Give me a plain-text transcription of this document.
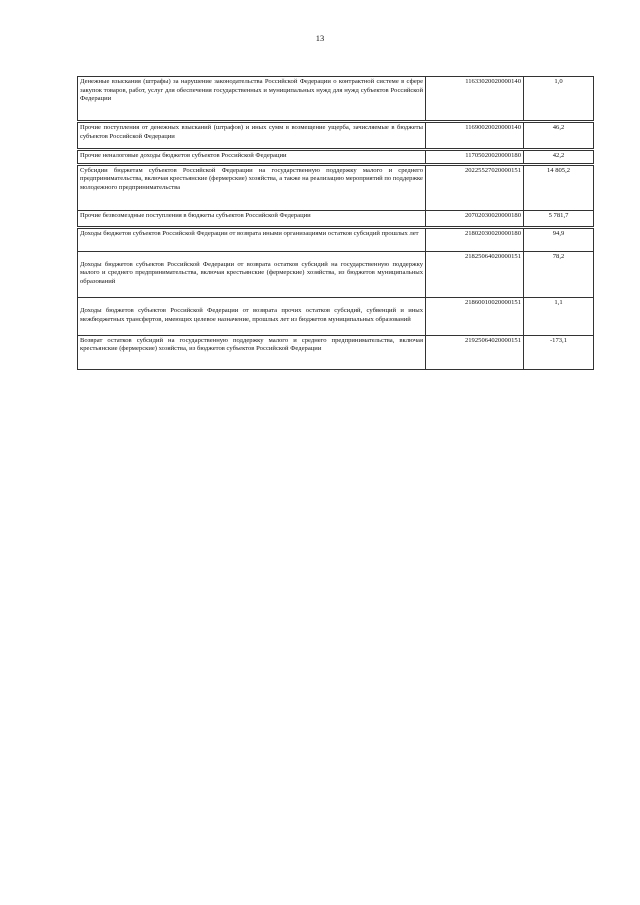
13
Денежные взыскания (штрафы) за нарушение законодательства Российской Федерации о контрактной системе в сфере закупок товаров, работ, услуг для обеспечения государственных и муниципальных нужд для нужд субъектов Российской Федерации	11633020020000140	1,0
Прочие поступления от денежных взысканий (штрафов) и иных сумм в возмещение ущерба, зачисляемые в бюджеты субъектов Российской Федерации	11690020020000140	46,2
Прочие неналоговые доходы бюджетов субъектов Российской Федерации	11705020020000180	42,2
Субсидии бюджетам субъектов Российской Федерации на государственную поддержку малого и среднего предпринимательства, включая крестьянские (фермерские) хозяйства, а также на реализацию мероприятий по поддержке молодежного предпринимательства	20225527020000151	14 805,2
Прочие безвозмездные поступления в бюджеты субъектов Российской Федерации	20702030020000180	5 781,7
Доходы бюджетов субъектов Российской Федерации от возврата иными организациями остатков субсидий прошлых лет	21802030020000180	94,9
Доходы бюджетов субъектов Российской Федерации от возврата остатков субсидий на государственную поддержку малого и среднего предпринимательства, включая крестьянские (фермерские) хозяйства, из бюджетов муниципальных образований	21825064020000151	78,2
Доходы бюджетов субъектов Российской Федерации от возврата прочих остатков субсидий, субвенций и иных межбюджетных трансфертов, имеющих целевое назначение, прошлых лет из бюджетов муниципальных образований	21860010020000151	1,1
Возврат остатков субсидий на государственную поддержку малого и среднего предпринимательства, включая крестьянские (фермерские) хозяйства, из бюджетов субъектов Российской Федерации	21925064020000151	-173,1
